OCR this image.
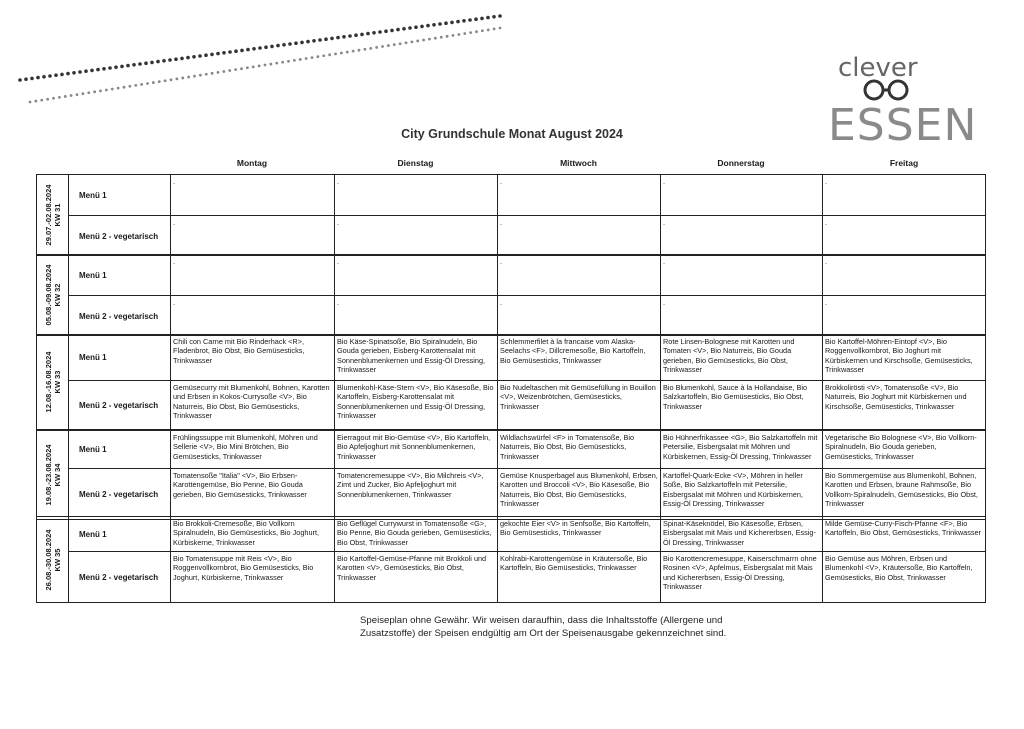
clever
ESSEN
City Grundschule Monat August 2024
Montag	Dienstag	Mittwoch	Donnerstag	Freitag
29.07.-02.08.2024
KW 31
Menü 1
.	.	.	.	.
Menü 2 - vegetarisch
.	.	.	.	.
05.08.-09.08.2024
KW 32
Menü 1
.	.	.	.	.
Menü 2 - vegetarisch
.	.	.	.	.
12.08.-16.08.2024
KW 33
Menü 1
Chili con Carne mit Bio Rinderhack <R>, Fladenbrot, Bio Obst, Bio Gemüsesticks, Trinkwasser
Bio Käse-Spinatsoße, Bio Spiralnudeln, Bio Gouda gerieben, Eisberg-Karottensalat mit Sonnenblumenkernen und Essig-Öl Dressing, Trinkwasser
Schlemmerfilet à la francaise vom Alaska-Seelachs <F>, Dillcremesoße, Bio Kartoffeln, Bio Gemüsesticks, Trinkwasser
Rote Linsen-Bolognese mit Karotten und Tomaten <V>, Bio Naturreis, Bio Gouda gerieben, Bio Gemüsesticks, Bio Obst, Trinkwasser
Bio Kartoffel-Möhren-Eintopf <V>, Bio Roggenvollkornbrot, Bio Joghurt mit Kürbiskernen und Kirschsoße, Gemüsesticks, Trinkwasser
Menü 2 - vegetarisch
Gemüsecurry mit Blumenkohl, Bohnen, Karotten und Erbsen in Kokos-Currysoße <V>, Bio Naturreis, Bio Obst, Bio Gemüsesticks, Trinkwasser
Blumenkohl-Käse-Stern <V>, Bio Käsesoße, Bio Kartoffeln, Eisberg-Karottensalat mit Sonnenblumenkernen und Essig-Öl Dressing, Trinkwasser
Bio Nudeltaschen mit Gemüsefüllung in Bouillon <V>, Weizenbrötchen, Gemüsesticks, Trinkwasser
Bio Blumenkohl, Sauce à la Hollandaise, Bio Salzkartoffeln, Bio Gemüsesticks, Bio Obst, Trinkwasser
Brokkolirösti <V>, Tomatensoße <V>, Bio Naturreis, Bio Joghurt mit Kürbiskernen und Kirschsoße, Gemüsesticks, Trinkwasser
19.08.-23.08.2024
KW 34
Menü 1
Frühlingssuppe mit Blumenkohl, Möhren und Sellerie <V>, Bio Mini Brötchen, Bio Gemüsesticks, Trinkwasser
Eierragout mit Bio-Gemüse <V>, Bio Kartoffeln, Bio Apfeljoghurt mit Sonnenblumenkernen, Trinkwasser
Wildlachswürfel <F> in Tomatensoße, Bio Naturreis, Bio Obst, Bio Gemüsesticks, Trinkwasser
Bio Hühnerfrikassee <G>, Bio Salzkartoffeln mit Petersilie, Eisbergsalat mit Möhren und Kürbiskernen, Essig-Öl Dressing, Trinkwasser
Vegetarische Bio Bolognese <V>, Bio Vollkorn-Spiralnudeln, Bio Gouda gerieben, Gemüsesticks, Trinkwasser
Menü 2 - vegetarisch
Tomatensoße "Italia" <V>, Bio Erbsen-Karottengemüse, Bio Penne, Bio Gouda gerieben, Bio Gemüsesticks, Trinkwasser
Tomatencremesuppe <V>, Bio Milchreis <V>, Zimt und Zucker, Bio Apfeljoghurt mit Sonnenblumenkernen, Trinkwasser
Gemüse Knusperbagel aus Blumenkohl, Erbsen, Karotten und Broccoli <V>, Bio Käsesoße, Bio Naturreis, Bio Obst, Bio Gemüsesticks, Trinkwasser
Kartoffel-Quark-Ecke <V>, Möhren in heller Soße, Bio Salzkartoffeln mit Petersilie, Eisbergsalat mit Möhren und Kürbiskernen, Essig-Öl Dressing, Trinkwasser
Bio Sommergemüse aus Blumenkohl, Bohnen, Karotten und Erbsen, braune Rahmsoße, Bio Vollkorn-Spiralnudeln, Gemüsesticks, Bio Obst, Trinkwasser
26.08.-30.08.2024
KW 35
Menü 1
Bio Brokkoli-Cremesoße, Bio Vollkorn Spiralnudeln, Bio Gemüsesticks, Bio Joghurt, Kürbiskerne, Trinkwasser
Bio Geflügel Currywurst in Tomatensoße <G>, Bio Penne, Bio Gouda gerieben, Gemüsesticks, Bio Obst, Trinkwasser
gekochte Eier <V> in Senfsoße, Bio Kartoffeln, Bio Gemüsesticks, Trinkwasser
Spinat-Käseknödel, Bio Käsesoße, Erbsen, Eisbergsalat mit Mais und Kichererbsen, Essig-Öl Dressing, Trinkwasser
Milde Gemüse-Curry-Fisch-Pfanne <F>, Bio Kartoffeln, Bio Obst, Gemüsesticks, Trinkwasser
Menü 2 - vegetarisch
Bio Tomatensuppe mit Reis <V>, Bio Roggenvollkornbrot, Bio Gemüsesticks, Bio Joghurt, Kürbiskerne, Trinkwasser
Bio Kartoffel-Gemüse-Pfanne mit Brokkoli und Karotten <V>, Gemüsesticks, Bio Obst, Trinkwasser
Kohlrabi-Karottengemüse in Kräutersoße, Bio Kartoffeln, Bio Gemüsesticks, Trinkwasser
Bio Karottencremesuppe, Kaiserschmarrn ohne Rosinen <V>, Apfelmus, Eisbergsalat mit Mais und Kichererbsen, Essig-Öl Dressing, Trinkwasser
Bio Gemüse aus Möhren, Erbsen und Blumenkohl <V>, Kräutersoße, Bio Kartoffeln, Gemüsesticks, Bio Obst, Trinkwasser
Speiseplan ohne Gewähr. Wir weisen daraufhin, dass die Inhaltsstoffe (Allergene und Zusatzstoffe) der Speisen endgültig am Ort der Speisenausgabe gekennzeichnet sind.
